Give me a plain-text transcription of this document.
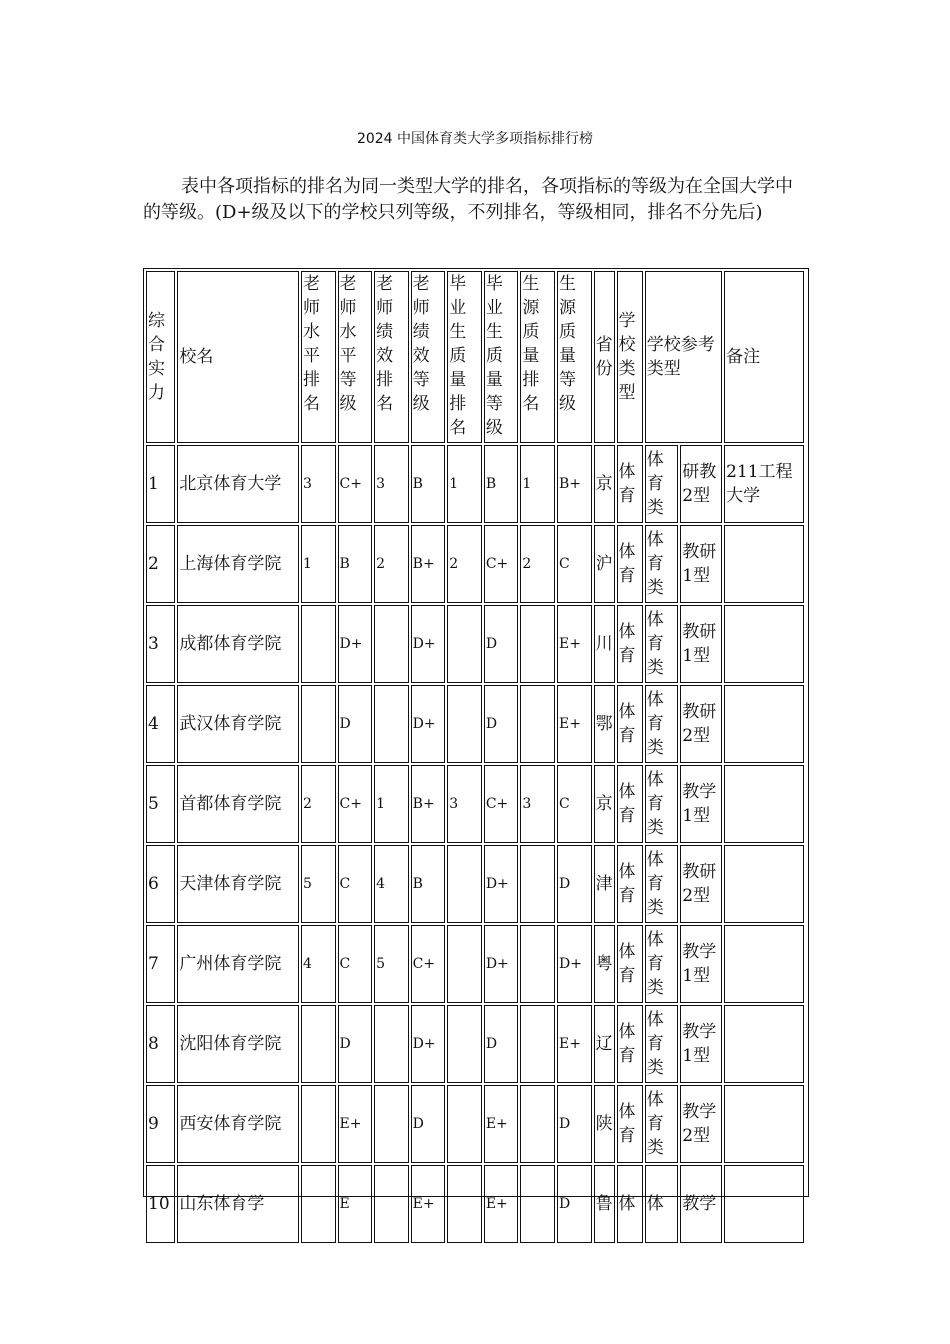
2024 中国体育类大学多项指标排行榜
表中各项指标的排名为同一类型大学的排名，各项指标的等级为在全国大学中的等级。(D+级及以下的学校只列等级，不列排名，等级相同，排名不分先后)
综合实力	校名	老师水平排名	老师水平等级	老师绩效排名	老师绩效等级	毕业生质量排名	毕业生质量等级	生源质量排名	生源质量等级	省份	学校类型	学校参考类型		备注
1	北京体育大学	3	C+	3	B	1	B	1	B+	京	体育	体育类	研教2型	211工程大学
2	上海体育学院	1	B	2	B+	2	C+	2	C	沪	体育	体育类	教研1型	
3	成都体育学院		D+		D+		D		E+	川	体育	体育类	教研1型	
4	武汉体育学院		D		D+		D		E+	鄂	体育	体育类	教研2型	
5	首都体育学院	2	C+	1	B+	3	C+	3	C	京	体育	体育类	教学1型	
6	天津体育学院	5	C	4	B		D+		D	津	体育	体育类	教研2型	
7	广州体育学院	4	C	5	C+		D+		D+	粤	体育	体育类	教学1型	
8	沈阳体育学院		D		D+		D		E+	辽	体育	体育类	教学1型	
9	西安体育学院		E+		D		E+		D	陕	体育	体育类	教学2型	
10	山东体育学		E		E+		E+		D	鲁	体	体	教学	
